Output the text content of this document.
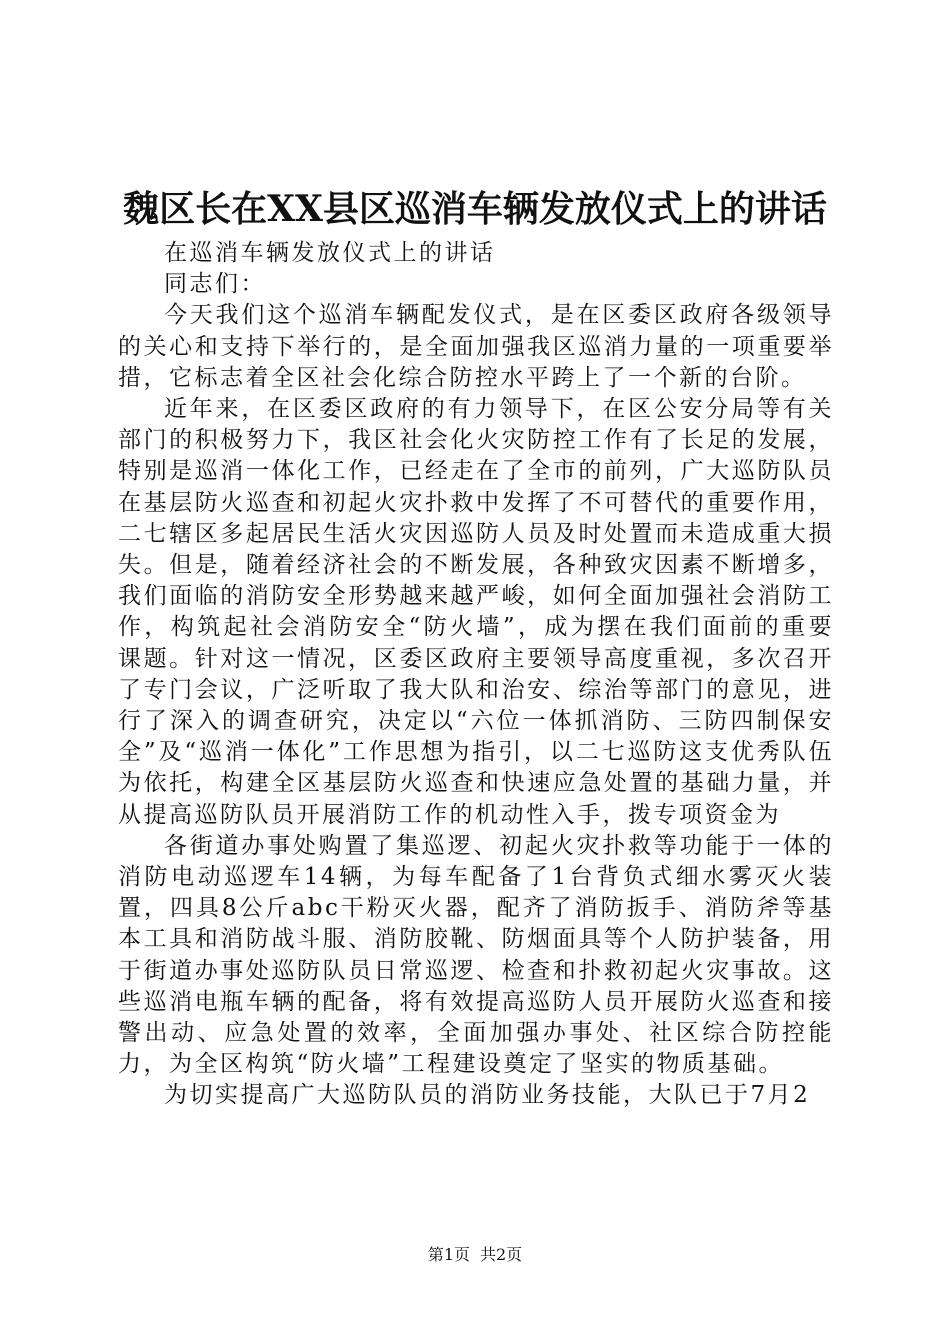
魏区长在XX县区巡消车辆发放仪式上的讲话

在巡消车辆发放仪式上的讲话

同志们：

今天我们这个巡消车辆配发仪式，是在区委区政府各级领导的关心和支持下举行的，是全面加强我区巡消力量的一项重要举措，它标志着全区社会化综合防控水平跨上了一个新的台阶。

近年来，在区委区政府的有力领导下，在区公安分局等有关部门的积极努力下，我区社会化火灾防控工作有了长足的发展，特别是巡消一体化工作，已经走在了全市的前列，广大巡防队员在基层防火巡查和初起火灾扑救中发挥了不可替代的重要作用，二七辖区多起居民生活火灾因巡防人员及时处置而未造成重大损失。但是，随着经济社会的不断发展，各种致灾因素不断增多，我们面临的消防安全形势越来越严峻，如何全面加强社会消防工作，构筑起社会消防安全“防火墙”，成为摆在我们面前的重要课题。针对这一情况，区委区政府主要领导高度重视，多次召开了专门会议，广泛听取了我大队和治安、综治等部门的意见，进行了深入的调查研究，决定以“六位一体抓消防、三防四制保安全”及“巡消一体化”工作思想为指引，以二七巡防这支优秀队伍为依托，构建全区基层防火巡查和快速应急处置的基础力量，并从提高巡防队员开展消防工作的机动性入手，拨专项资金为

各街道办事处购置了集巡逻、初起火灾扑救等功能于一体的消防电动巡逻车14辆，为每车配备了1台背负式细水雾灭火装置，四具8公斤abc干粉灭火器，配齐了消防扳手、消防斧等基本工具和消防战斗服、消防胶靴、防烟面具等个人防护装备，用于街道办事处巡防队员日常巡逻、检查和扑救初起火灾事故。这些巡消电瓶车辆的配备，将有效提高巡防人员开展防火巡查和接警出动、应急处置的效率，全面加强办事处、社区综合防控能力，为全区构筑“防火墙”工程建设奠定了坚实的物质基础。

为切实提高广大巡防队员的消防业务技能，大队已于7月2

第1页 共2页
